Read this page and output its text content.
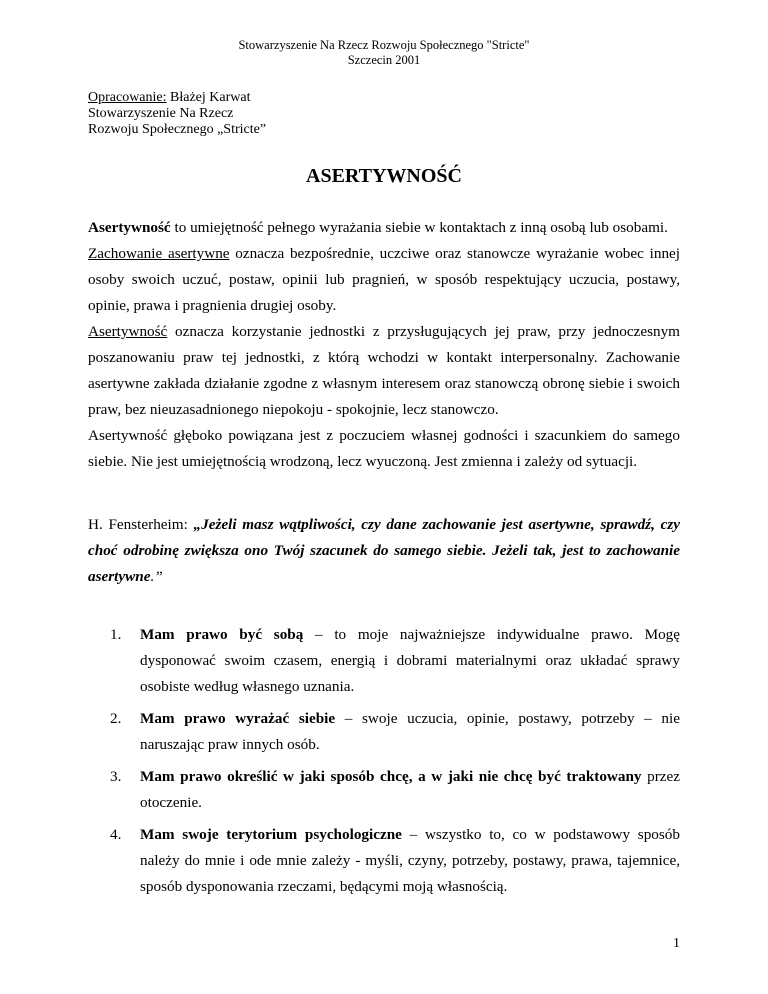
Stowarzyszenie Na Rzecz Rozwoju Społecznego "Stricte"
Szczecin 2001
Opracowanie: Błażej Karwat
Stowarzyszenie Na Rzecz
Rozwoju Społecznego „Stricte”
ASERTYWNOŚĆ

Asertywność to umiejętność pełnego wyrażania siebie w kontaktach z inną osobą lub osobami.

Zachowanie asertywne oznacza bezpośrednie, uczciwe oraz stanowcze wyrażanie wobec innej osoby swoich uczuć, postaw, opinii lub pragnień, w sposób respektujący uczucia, postawy, opinie, prawa i pragnienia drugiej osoby.

Asertywność oznacza korzystanie jednostki z przysługujących jej praw, przy jednoczesnym poszanowaniu praw tej jednostki, z którą wchodzi w kontakt interpersonalny. Zachowanie asertywne zakłada działanie zgodne z własnym interesem oraz stanowczą obronę siebie i swoich praw, bez nieuzasadnionego niepokoju - spokojnie, lecz stanowczo.

Asertywność głęboko powiązana jest z poczuciem własnej godności i szacunkiem do samego siebie. Nie jest umiejętnością wrodzoną, lecz wyuczoną. Jest zmienna i zależy od sytuacji.

H. Fensterheim: „Jeżeli masz wątpliwości, czy dane zachowanie jest asertywne, sprawdź, czy choć odrobinę zwiększa ono Twój szacunek do samego siebie. Jeżeli tak, jest to zachowanie asertywne.”

1. Mam prawo być sobą – to moje najważniejsze indywidualne prawo. Mogę dysponować swoim czasem, energią i dobrami materialnymi oraz układać sprawy osobiste według własnego uznania.
2. Mam prawo wyrażać siebie – swoje uczucia, opinie, postawy, potrzeby – nie naruszając praw innych osób.
3. Mam prawo określić w jaki sposób chcę, a w jaki nie chcę być traktowany przez otoczenie.
4. Mam swoje terytorium psychologiczne – wszystko to, co w podstawowy sposób należy do mnie i ode mnie zależy - myśli, czyny, potrzeby, postawy, prawa, tajemnice, sposób dysponowania rzeczami, będącymi moją własnością.
1
